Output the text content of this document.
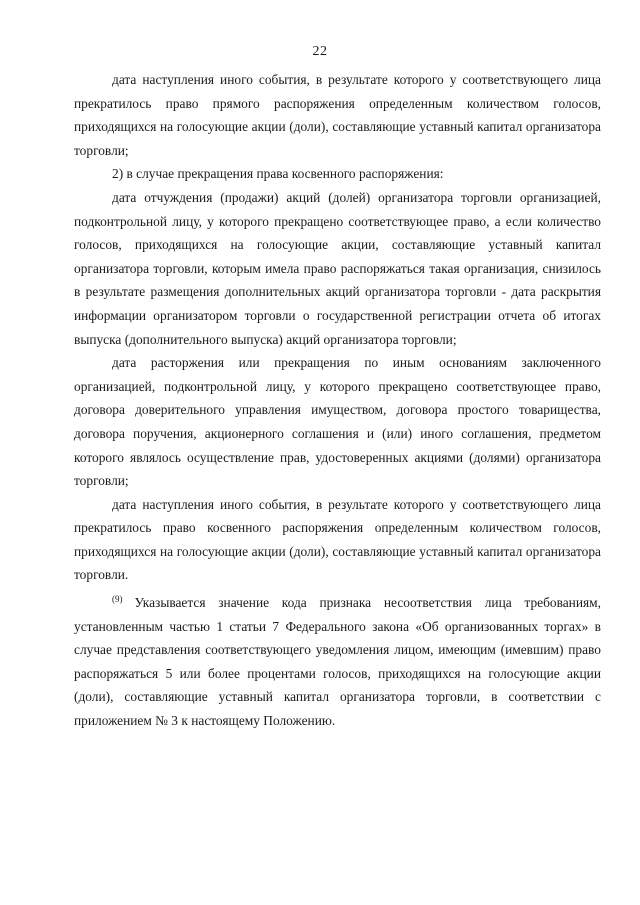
22

дата наступления иного события, в результате которого у соответствующего лица прекратилось право прямого распоряжения определенным количеством голосов, приходящихся на голосующие акции (доли), составляющие уставный капитал организатора торговли;

2) в случае прекращения права косвенного распоряжения:

дата отчуждения (продажи) акций (долей) организатора торговли организацией, подконтрольной лицу, у которого прекращено соответствующее право, а если количество голосов, приходящихся на голосующие акции, составляющие уставный капитал организатора торговли, которым имела право распоряжаться такая организация, снизилось в результате размещения дополнительных акций организатора торговли - дата раскрытия информации организатором торговли о государственной регистрации отчета об итогах выпуска (дополнительного выпуска) акций организатора торговли;

дата расторжения или прекращения по иным основаниям заключенного организацией, подконтрольной лицу, у которого прекращено соответствующее право, договора доверительного управления имуществом, договора простого товарищества, договора поручения, акционерного соглашения и (или) иного соглашения, предметом которого являлось осуществление прав, удостоверенных акциями (долями) организатора торговли;

дата наступления иного события, в результате которого у соответствующего лица прекратилось право косвенного распоряжения определенным количеством голосов, приходящихся на голосующие акции (доли), составляющие уставный капитал организатора торговли.

$^{(9)}$ Указывается значение кода признака несоответствия лица требованиям, установленным частью 1 статьи 7 Федерального закона «Об организованных торгах» в случае представления соответствующего уведомления лицом, имеющим (имевшим) право распоряжаться 5 или более процентами голосов, приходящихся на голосующие акции (доли), составляющие уставный капитал организатора торговли, в соответствии с приложением № 3 к настоящему Положению.
